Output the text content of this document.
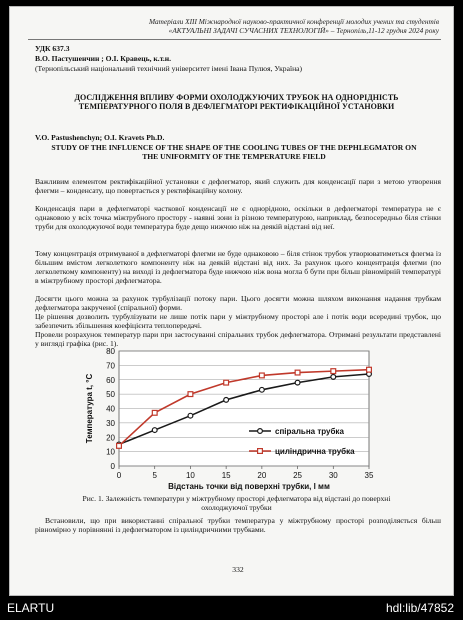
Матеріали XIII Міжнародної науково-практичної конференції молодих учених та студентів
«АКТУАЛЬНІ ЗАДАЧІ СУЧАСНИХ ТЕХНОЛОГІЙ» – Тернопіль,11-12 грудня 2024 року
УДК 637.3
В.О. Пастушенчин ; О.І. Кравець, к.т.н.
(Тернопільський національний технічний університет імені Івана Пулюя, Україна)
ДОСЛІДЖЕННЯ ВПЛИВУ ФОРМИ ОХОЛОДЖУЮЧИХ ТРУБОК НА ОДНОРІДНІСТЬ ТЕМПЕРАТУРНОГО ПОЛЯ В ДЕФЛЕГМАТОРІ РЕКТИФІКАЦІЙНОЇ УСТАНОВКИ
V.O. Pastushenchyn; O.I. Kravets Ph.D.
STUDY OF THE INFLUENCE OF THE SHAPE OF THE COOLING TUBES OF THE DEPHLEGMATOR ON THE UNIFORMITY OF THE TEMPERATURE FIELD
Важливим елементом ректифікаційної установки є дефлегматор, який служить для конденсації пари з метою утворення флегми – конденсату, що повертається у ректифікаційну колону.
Конденсація пари в дефлегматорі часткової конденсації не є однорідною, оскільки в дефлегматорі температура не є однаковою у всіх точка міжтрубного простору - наявні зони із різною температурою, наприклад, безпосередньо біля стінки труби для охолоджуючої води температура буде дещо нижчою ніж на деякій відстані від неї.
Тому концентрація отримуваної в дефлегматорі флегми не буде однаковою – біля стінок трубок утворюватиметься флегма із більшим вмістом легколеткого компоненту ніж на деякій відстані від них. За рахунок цього концентрація флегми (по легколеткому компоненту) на виході із дефлегматора буде нижчою ніж вона могла б бути при більш рівномірній температурі в міжтрубному просторі дефлегматора.
Досягти цього можна за рахунок турбулізації потоку пари. Цього досягти можна шляхом виконання надання трубкам дефлегматора закрученої (спіральної) форми.
Це рішення дозволить турбулізувати не лише потік пари у міжтрубному просторі але і потік води всередині трубок, що забезпечить збільшення коефіцієнта теплопередачі.
Провели розрахунок температур пари при застосуванні спіральних трубок дефлегматора. Отримані результати представлені у вигляді графіка (рис. 1).
0
10
20
30
40
50
60
70
80
0	5	10	15	20	25	30	35
спіральна трубка
циліндрична трубка
Відстань точки від поверхні трубки, l мм
Температура t, °C
Рис. 1. Залежність температури у міжтрубному просторі дефлегматора від відстані до поверхні охолоджуючої трубки
Встановили, що при використанні спіральної трубки температура у міжтрубному просторі розподіляється більш рівномірно у порівнянні із дефлегматором із циліндричними трубками.
332
ELARTU	hdl:lib/47852
